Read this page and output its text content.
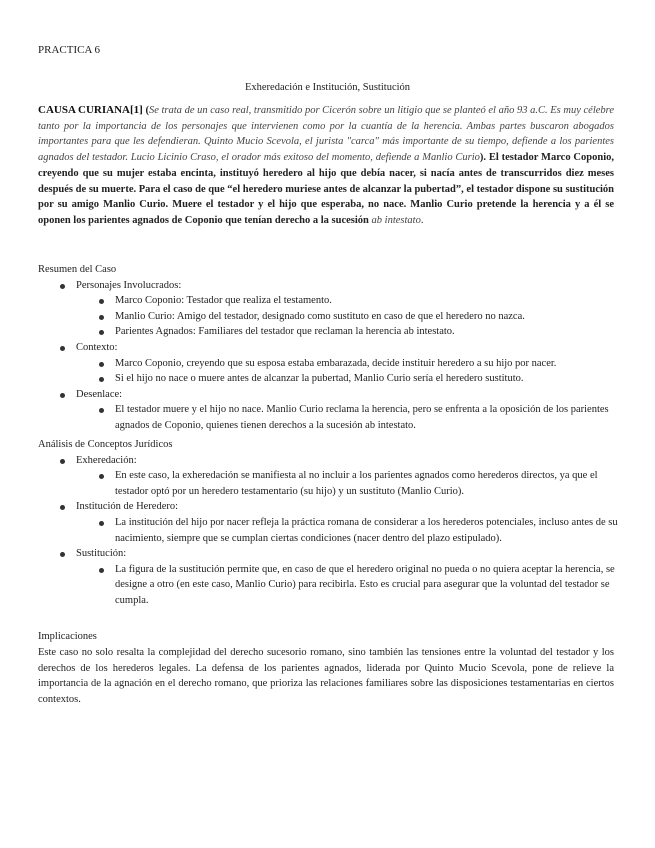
PRACTICA 6
Exheredación e Institución, Sustitución
CAUSA CURIANA[1] (Se trata de un caso real, transmitido por Cicerón sobre un litigio que se planteó el año 93 a.C. Es muy célebre tanto por la importancia de los personajes que intervienen como por la cuantía de la herencia. Ambas partes buscaron abogados importantes para que les defendieran. Quinto Mucio Scevola, el jurista "carca" más importante de su tiempo, defiende a los parientes agnados del testador. Lucio Licinio Craso, el orador más exitoso del momento, defiende a Manlio Curio). El testador Marco Coponio, creyendo que su mujer estaba encinta, instituyó heredero al hijo que debía nacer, si nacía antes de transcurridos diez meses después de su muerte. Para el caso de que “el heredero muriese antes de alcanzar la pubertad”, el testador dispone su sustitución por su amigo Manlio Curio. Muere el testador y el hijo que esperaba, no nace. Manlio Curio pretende la herencia y a él se oponen los parientes agnados de Coponio que tenían derecho a la sucesión ab intestato.
Resumen del Caso
Personajes Involucrados:
Marco Coponio: Testador que realiza el testamento.
Manlio Curio: Amigo del testador, designado como sustituto en caso de que el heredero no nazca.
Parientes Agnados: Familiares del testador que reclaman la herencia ab intestato.
Contexto:
Marco Coponio, creyendo que su esposa estaba embarazada, decide instituir heredero a su hijo por nacer.
Si el hijo no nace o muere antes de alcanzar la pubertad, Manlio Curio sería el heredero sustituto.
Desenlace:
El testador muere y el hijo no nace. Manlio Curio reclama la herencia, pero se enfrenta a la oposición de los parientes agnados de Coponio, quienes tienen derechos a la sucesión ab intestato.
Análisis de Conceptos Jurídicos
Exheredación:
En este caso, la exheredación se manifiesta al no incluir a los parientes agnados como herederos directos, ya que el testador optó por un heredero testamentario (su hijo) y un sustituto (Manlio Curio).
Institución de Heredero:
La institución del hijo por nacer refleja la práctica romana de considerar a los herederos potenciales, incluso antes de su nacimiento, siempre que se cumplan ciertas condiciones (nacer dentro del plazo estipulado).
Sustitución:
La figura de la sustitución permite que, en caso de que el heredero original no pueda o no quiera aceptar la herencia, se designe a otro (en este caso, Manlio Curio) para recibirla. Esto es crucial para asegurar que la voluntad del testador se cumpla.
Implicaciones
Este caso no solo resalta la complejidad del derecho sucesorio romano, sino también las tensiones entre la voluntad del testador y los derechos de los herederos legales. La defensa de los parientes agnados, liderada por Quinto Mucio Scevola, pone de relieve la importancia de la agnación en el derecho romano, que prioriza las relaciones familiares sobre las disposiciones testamentarias en ciertos contextos.
